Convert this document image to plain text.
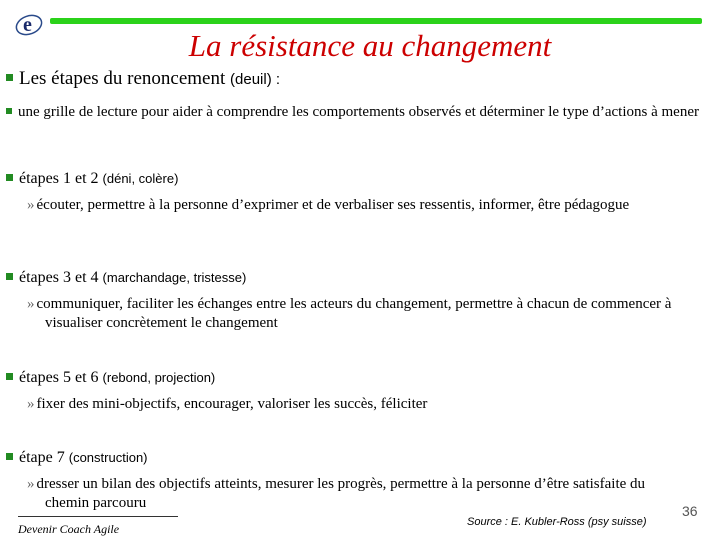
e
La résistance au changement
Les étapes du renoncement (deuil) :
une grille de lecture pour aider à comprendre les comportements observés et déterminer le type d’actions à mener
étapes 1 et 2 (déni, colère)
» écouter, permettre à la personne d’exprimer et de verbaliser ses ressentis, informer, être pédagogue
étapes 3 et 4 (marchandage, tristesse)
» communiquer, faciliter les échanges entre les acteurs du changement, permettre à chacun de commencer à visualiser concrètement le changement
étapes 5 et 6 (rebond, projection)
» fixer des mini-objectifs, encourager, valoriser les succès, féliciter
étape 7 (construction)
» dresser un bilan des objectifs atteints, mesurer les progrès, permettre à la personne d’être satisfaite du chemin parcouru
Devenir Coach Agile	Source : E. Kubler-Ross (psy suisse)
36
